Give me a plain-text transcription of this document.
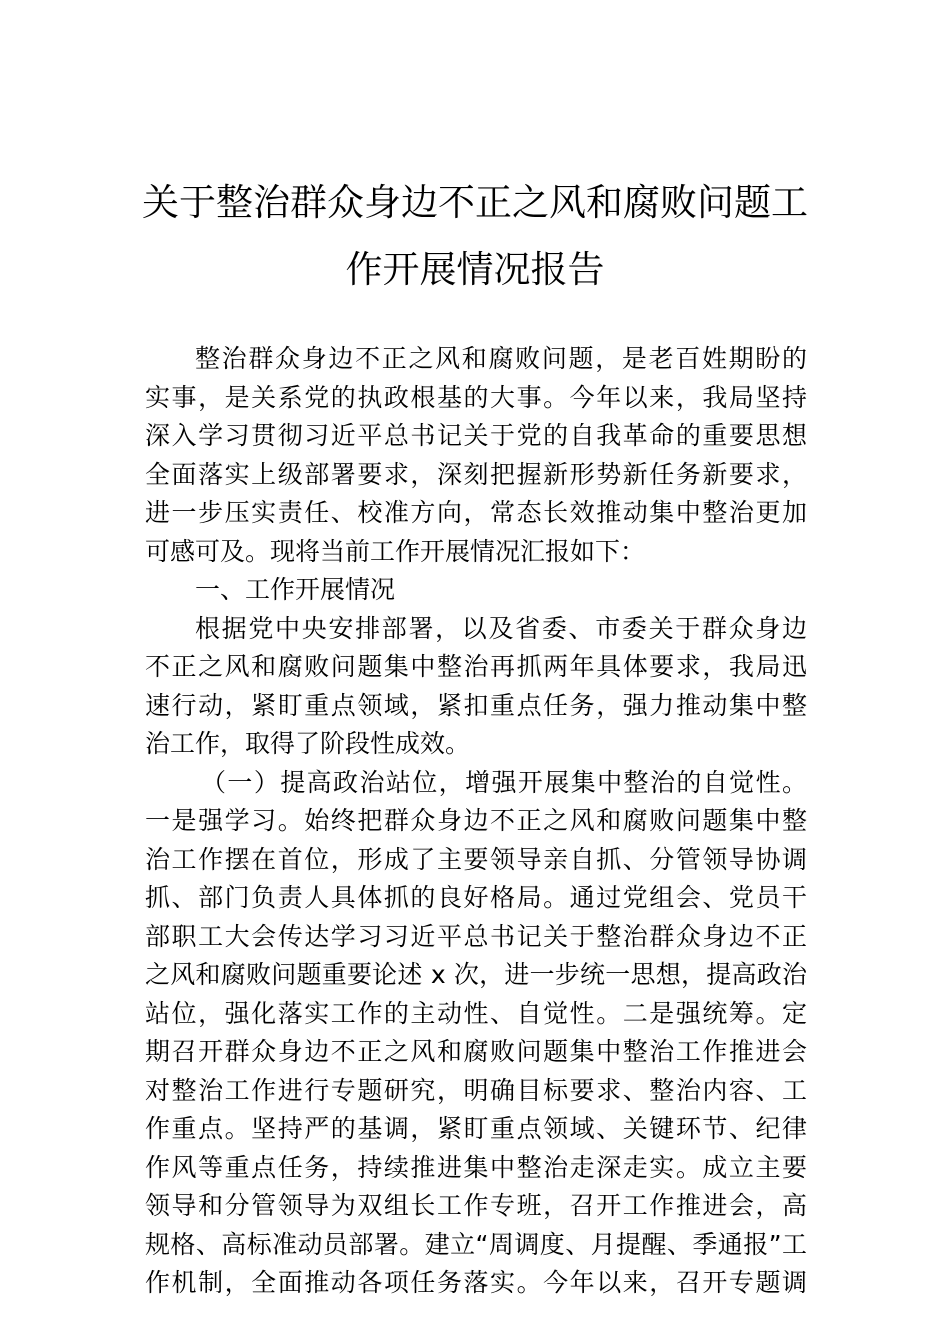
关于整治群众身边不正之风和腐败问题工
作开展情况报告
整治群众身边不正之风和腐败问题，是老百姓期盼的
实事，是关系党的执政根基的大事。今年以来，我局坚持
深入学习贯彻习近平总书记关于党的自我革命的重要思想
全面落实上级部署要求，深刻把握新形势新任务新要求，
进一步压实责任、校准方向，常态长效推动集中整治更加
可感可及。现将当前工作开展情况汇报如下：
一、工作开展情况
根据党中央安排部署，以及省委、市委关于群众身边
不正之风和腐败问题集中整治再抓两年具体要求，我局迅
速行动，紧盯重点领域，紧扣重点任务，强力推动集中整
治工作，取得了阶段性成效。
（一）提高政治站位，增强开展集中整治的自觉性。
一是强学习。始终把群众身边不正之风和腐败问题集中整
治工作摆在首位，形成了主要领导亲自抓、分管领导协调
抓、部门负责人具体抓的良好格局。通过党组会、党员干
部职工大会传达学习习近平总书记关于整治群众身边不正
之风和腐败问题重要论述 x 次，进一步统一思想，提高政治
站位，强化落实工作的主动性、自觉性。二是强统筹。定
期召开群众身边不正之风和腐败问题集中整治工作推进会
对整治工作进行专题研究，明确目标要求、整治内容、工
作重点。坚持严的基调，紧盯重点领域、关键环节、纪律
作风等重点任务，持续推进集中整治走深走实。成立主要
领导和分管领导为双组长工作专班，召开工作推进会，高
规格、高标准动员部署。建立“周调度、月提醒、季通报”工
作机制，全面推动各项任务落实。今年以来，召开专题调
